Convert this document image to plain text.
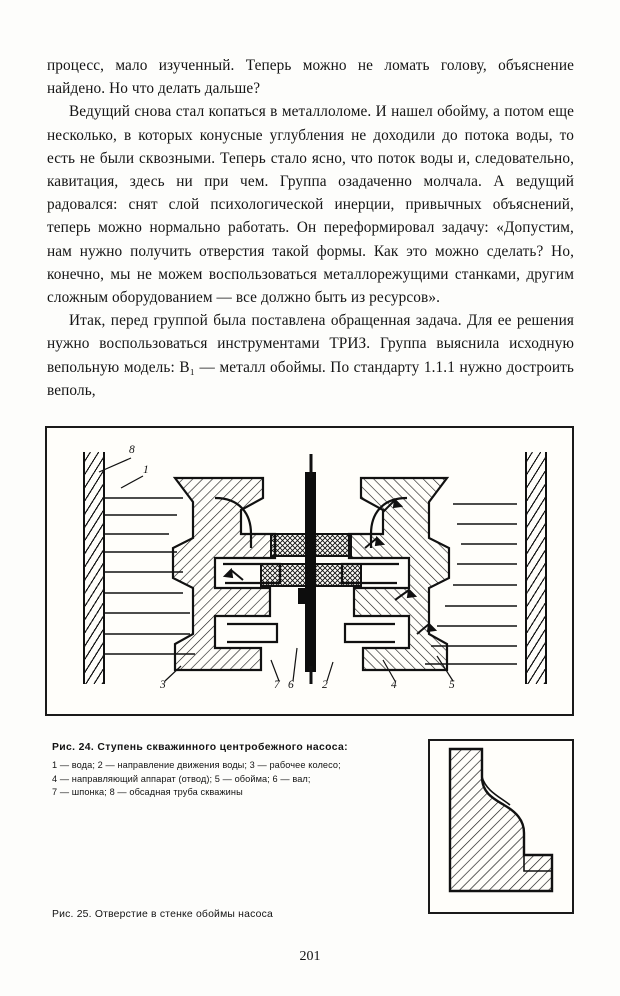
процесс, мало изученный. Теперь можно не ломать голову, объяснение найдено. Но что делать дальше?

Ведущий снова стал копаться в металлоломе. И нашел обойму, а потом еще несколько, в которых конусные углубления не доходили до потока воды, то есть не были сквозными. Теперь стало ясно, что поток воды и, следовательно, кавитация, здесь ни при чем. Группа озадаченно молчала. А ведущий радовался: снят слой психологической инерции, привычных объяснений, теперь можно нормально работать. Он переформировал задачу: «Допустим, нам нужно получить отверстия такой формы. Как это можно сделать? Но, конечно, мы не можем воспользоваться металлорежущими станками, другим сложным оборудованием — все должно быть из ресурсов».

Итак, перед группой была поставлена обращенная задача. Для ее решения нужно воспользоваться инструментами ТРИЗ. Группа выяснила исходную вепольную модель: В₁ — металл обоймы. По стандарту 1.1.1 нужно достроить веполь,

8
1
3	7 6 2	4	5
Рис. 24. Ступень скважинного центробежного насоса:
1 — вода; 2 — направление движения воды; 3 — рабочее колесо;
4 — направляющий аппарат (отвод); 5 — обойма; 6 — вал;
7 — шпонка; 8 — обсадная труба скважины
Рис. 25. Отверстие в стенке обоймы насоса
201
